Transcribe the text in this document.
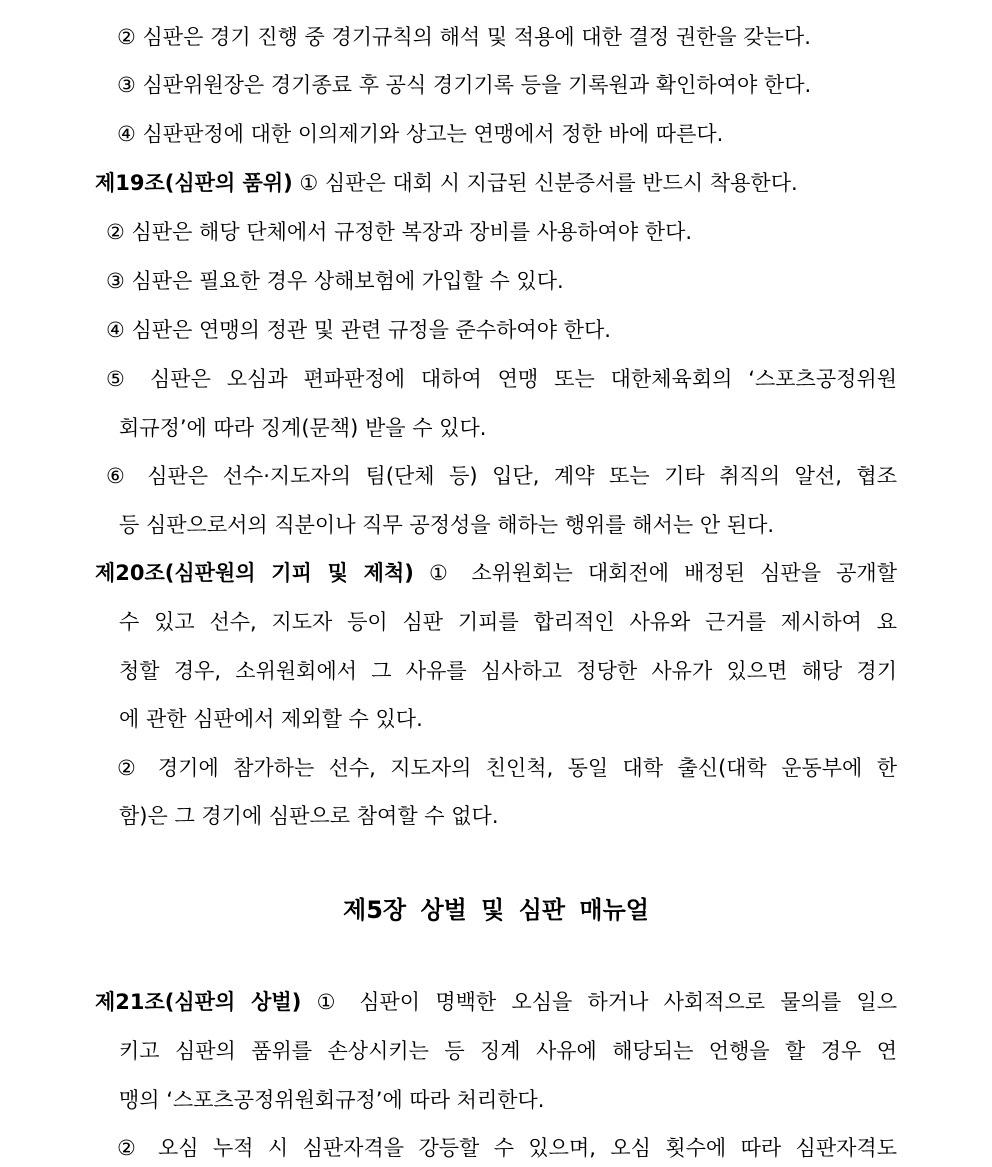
② 심판은 경기 진행 중 경기규칙의 해석 및 적용에 대한 결정 권한을 갖는다.
③ 심판위원장은 경기종료 후 공식 경기기록 등을 기록원과 확인하여야 한다.
④ 심판판정에 대한 이의제기와 상고는 연맹에서 정한 바에 따른다.
제19조(심판의 품위) ① 심판은 대회 시 지급된 신분증서를 반드시 착용한다.
② 심판은 해당 단체에서 규정한 복장과 장비를 사용하여야 한다.
③ 심판은 필요한 경우 상해보험에 가입할 수 있다.
④ 심판은 연맹의 정관 및 관련 규정을 준수하여야 한다.
⑤ 심판은 오심과 편파판정에 대하여 연맹 또는 대한체육회의 ‘스포츠공정위원
회규정’에 따라 징계(문책) 받을 수 있다.
⑥ 심판은 선수·지도자의 팀(단체 등) 입단, 계약 또는 기타 취직의 알선, 협조
등 심판으로서의 직분이나 직무 공정성을 해하는 행위를 해서는 안 된다.
제20조(심판원의 기피 및 제척) ① 소위원회는 대회전에 배정된 심판을 공개할
수 있고 선수, 지도자 등이 심판 기피를 합리적인 사유와 근거를 제시하여 요
청할 경우, 소위원회에서 그 사유를 심사하고 정당한 사유가 있으면 해당 경기
에 관한 심판에서 제외할 수 있다.
② 경기에 참가하는 선수, 지도자의 친인척, 동일 대학 출신(대학 운동부에 한
함)은 그 경기에 심판으로 참여할 수 없다.
제5장 상벌 및 심판 매뉴얼
제21조(심판의 상벌) ① 심판이 명백한 오심을 하거나 사회적으로 물의를 일으
키고 심판의 품위를 손상시키는 등 징계 사유에 해당되는 언행을 할 경우 연
맹의 ‘스포츠공정위원회규정’에 따라 처리한다.
② 오심 누적 시 심판자격을 강등할 수 있으며, 오심 횟수에 따라 심판자격도
